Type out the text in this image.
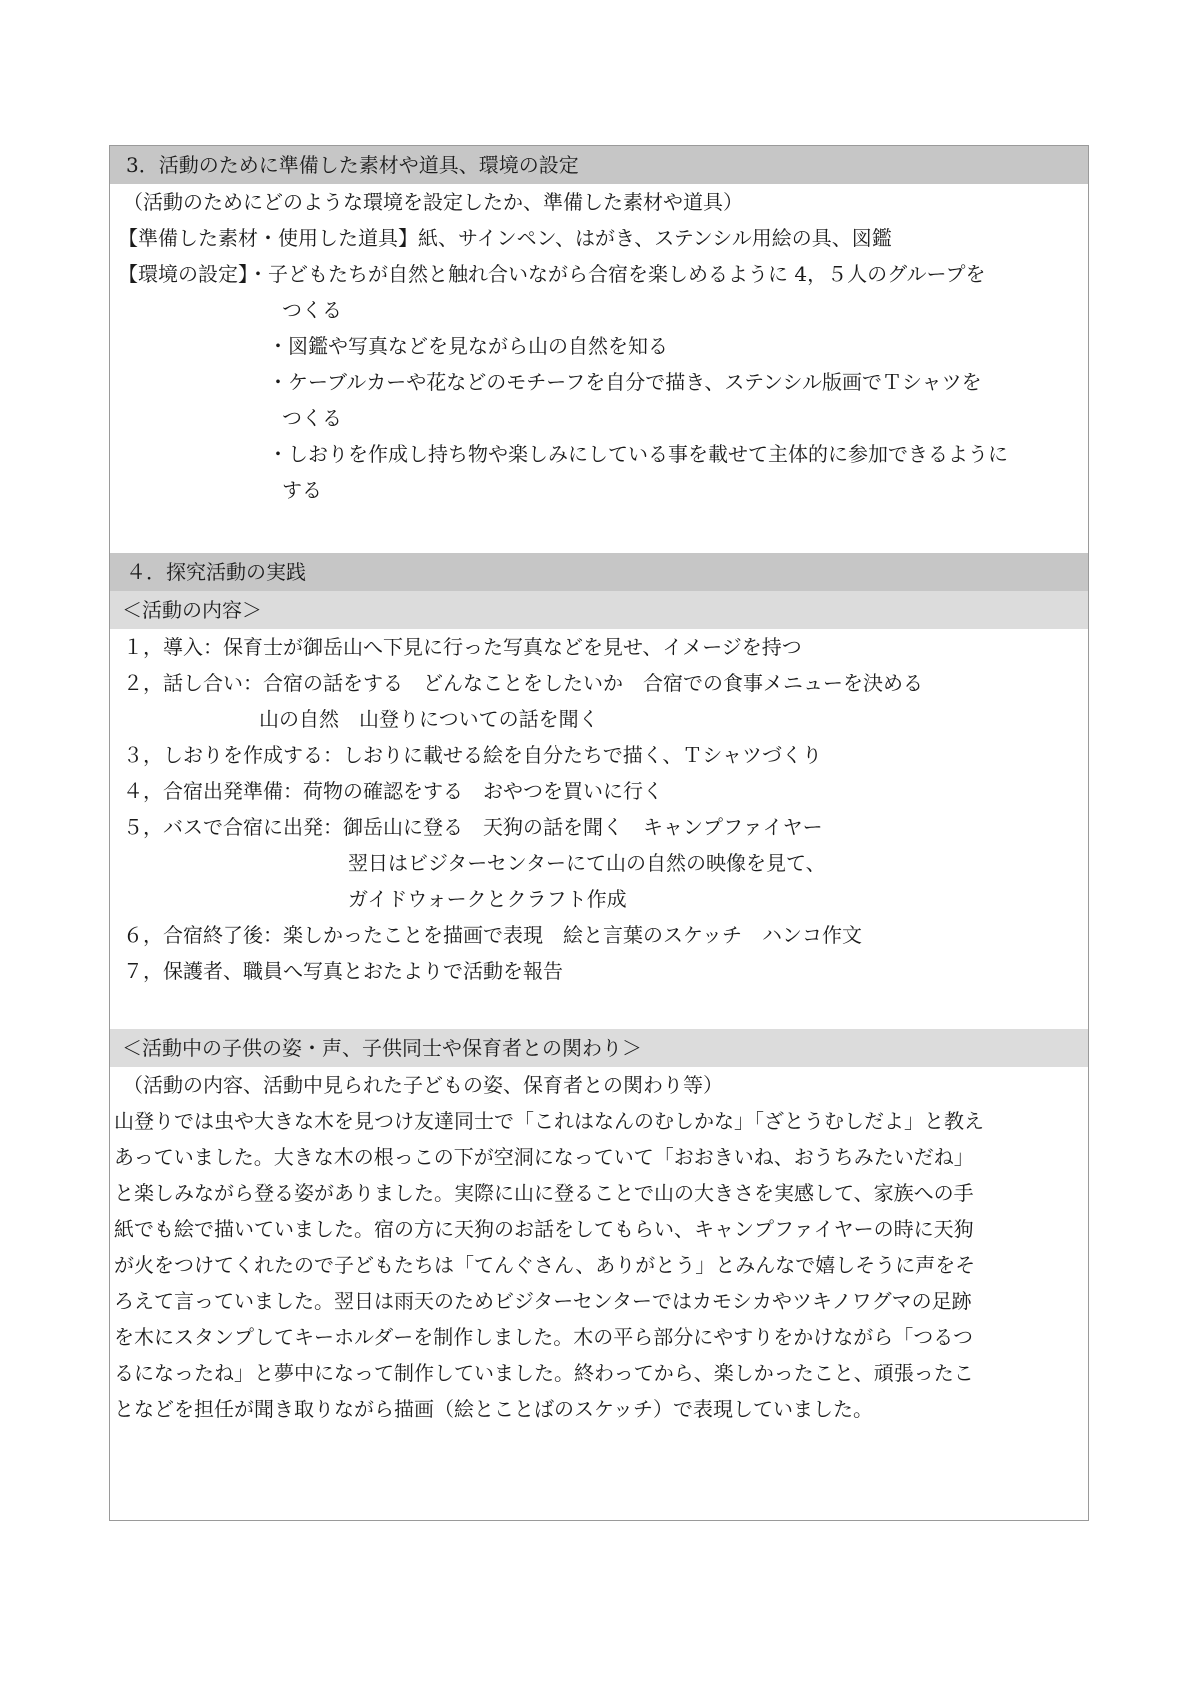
3．活動のために準備した素材や道具、環境の設定
（活動のためにどのような環境を設定したか、準備した素材や道具）
【準備した素材・使用した道具】紙、サインペン、はがき、ステンシル用絵の具、図鑑
【環境の設定】・子どもたちが自然と触れ合いながら合宿を楽しめるように 4，５人のグループを
つくる
・図鑑や写真などを見ながら山の自然を知る
・ケーブルカーや花などのモチーフを自分で描き、ステンシル版画でＴシャツを
つくる
・しおりを作成し持ち物や楽しみにしている事を載せて主体的に参加できるように
する
４．探究活動の実践
＜活動の内容＞
１，導入：保育士が御岳山へ下見に行った写真などを見せ、イメージを持つ
２，話し合い：合宿の話をする　どんなことをしたいか　合宿での食事メニューを決める
山の自然　山登りについての話を聞く
３，しおりを作成する：しおりに載せる絵を自分たちで描く、Ｔシャツづくり
４，合宿出発準備：荷物の確認をする　おやつを買いに行く
５，バスで合宿に出発：御岳山に登る　天狗の話を聞く　キャンプファイヤー
翌日はビジターセンターにて山の自然の映像を見て、
ガイドウォークとクラフト作成
６，合宿終了後：楽しかったことを描画で表現　絵と言葉のスケッチ　ハンコ作文
７，保護者、職員へ写真とおたよりで活動を報告
＜活動中の子供の姿・声、子供同士や保育者との関わり＞
（活動の内容、活動中見られた子どもの姿、保育者との関わり等）
山登りでは虫や大きな木を見つけ友達同士で「これはなんのむしかな」「ざとうむしだよ」と教え
あっていました。大きな木の根っこの下が空洞になっていて「おおきいね、おうちみたいだね」
と楽しみながら登る姿がありました。実際に山に登ることで山の大きさを実感して、家族への手
紙でも絵で描いていました。宿の方に天狗のお話をしてもらい、キャンプファイヤーの時に天狗
が火をつけてくれたので子どもたちは「てんぐさん、ありがとう」とみんなで嬉しそうに声をそ
ろえて言っていました。翌日は雨天のためビジターセンターではカモシカやツキノワグマの足跡
を木にスタンプしてキーホルダーを制作しました。木の平ら部分にやすりをかけながら「つるつ
るになったね」と夢中になって制作していました。終わってから、楽しかったこと、頑張ったこ
となどを担任が聞き取りながら描画（絵とことばのスケッチ）で表現していました。
